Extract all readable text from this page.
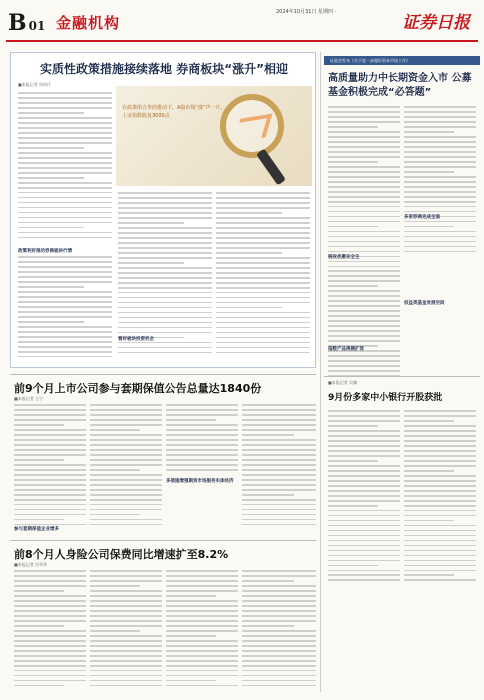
B 01 金融机构
2024年10月31日 星期四 ·
证券日报
实质性政策措施接续落地 券商板块“涨升”相迎
■本报记者 周尚仔
在政策组合拳的推动下，A股市场“涨”声一片，上证指数收复3000点
政策利好推动券商板块行情
看好板块投资机会
证监会发布《关于进一步做好资本市场工作》
高质量助力中长期资金入市 公募基金积极完成“必答题”
税收优惠安全生
多家券商完成全面
指数产品规模扩容
■本报记者 吴珊
9月份多家中小银行开股获批
权益类基金发展空间
前9个月上市公司参与套期保值公告总量达1840份
■本报记者 王宁
参与套期保值企业增多
多措施增强期货市场服务实体经济
前8个月人身险公司保费同比增速扩至8.2%
■本报记者 冷翠华
